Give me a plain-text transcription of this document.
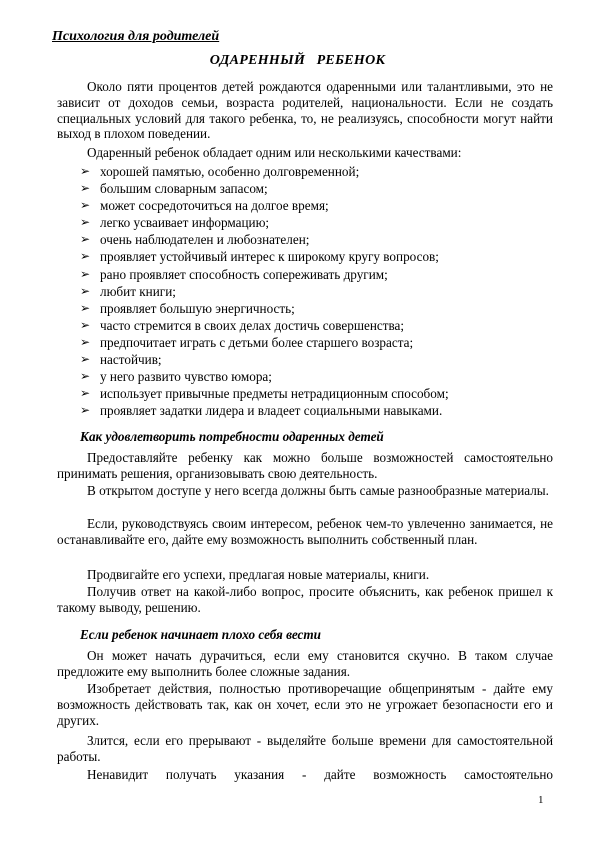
Психология для родителей
ОДАРЕННЫЙ   РЕБЕНОК
Около пяти процентов детей рождаются одаренными или талантливыми, это не зависит от доходов семьи, возраста родителей, национальности. Если не создать специальных условий для такого ребенка, то, не реализуясь, способности могут найти выход в плохом поведении.
Одаренный ребенок обладает одним или несколькими качествами:
➢ хорошей памятью, особенно долговременной;
➢ большим словарным запасом;
➢ может сосредоточиться на долгое время;
➢ легко усваивает информацию;
➢ очень наблюдателен и любознателен;
➢ проявляет устойчивый интерес к широкому кругу вопросов;
➢ рано проявляет способность сопереживать другим;
➢ любит книги;
➢ проявляет большую энергичность;
➢ часто стремится в своих делах достичь совершенства;
➢ предпочитает играть с детьми более старшего возраста;
➢ настойчив;
➢ у него развито чувство юмора;
➢ использует привычные предметы нетрадиционным способом;
➢ проявляет задатки лидера и владеет социальными навыками.
Как удовлетворить потребности одаренных детей
Предоставляйте ребенку как можно больше возможностей самостоятельно принимать решения, организовывать свою деятельность.
В открытом доступе у него всегда должны быть самые разнообразные материалы.
Если, руководствуясь своим интересом, ребенок чем-то увлеченно занимается, не останавливайте его, дайте ему возможность выполнить собственный план.
Продвигайте его успехи, предлагая новые материалы, книги.
Получив ответ на какой-либо вопрос, просите объяснить, как ребенок пришел к такому выводу, решению.
Если ребенок начинает плохо себя вести
Он может начать дурачиться, если ему становится скучно. В таком случае предложите ему выполнить более сложные задания.
Изобретает действия, полностью противоречащие общепринятым - дайте ему возможность действовать так, как он хочет, если это не угрожает безопасности его и других.
Злится, если его прерывают - выделяйте больше времени для самостоятельной работы.
Ненавидит получать указания - дайте возможность самостоятельно
1
